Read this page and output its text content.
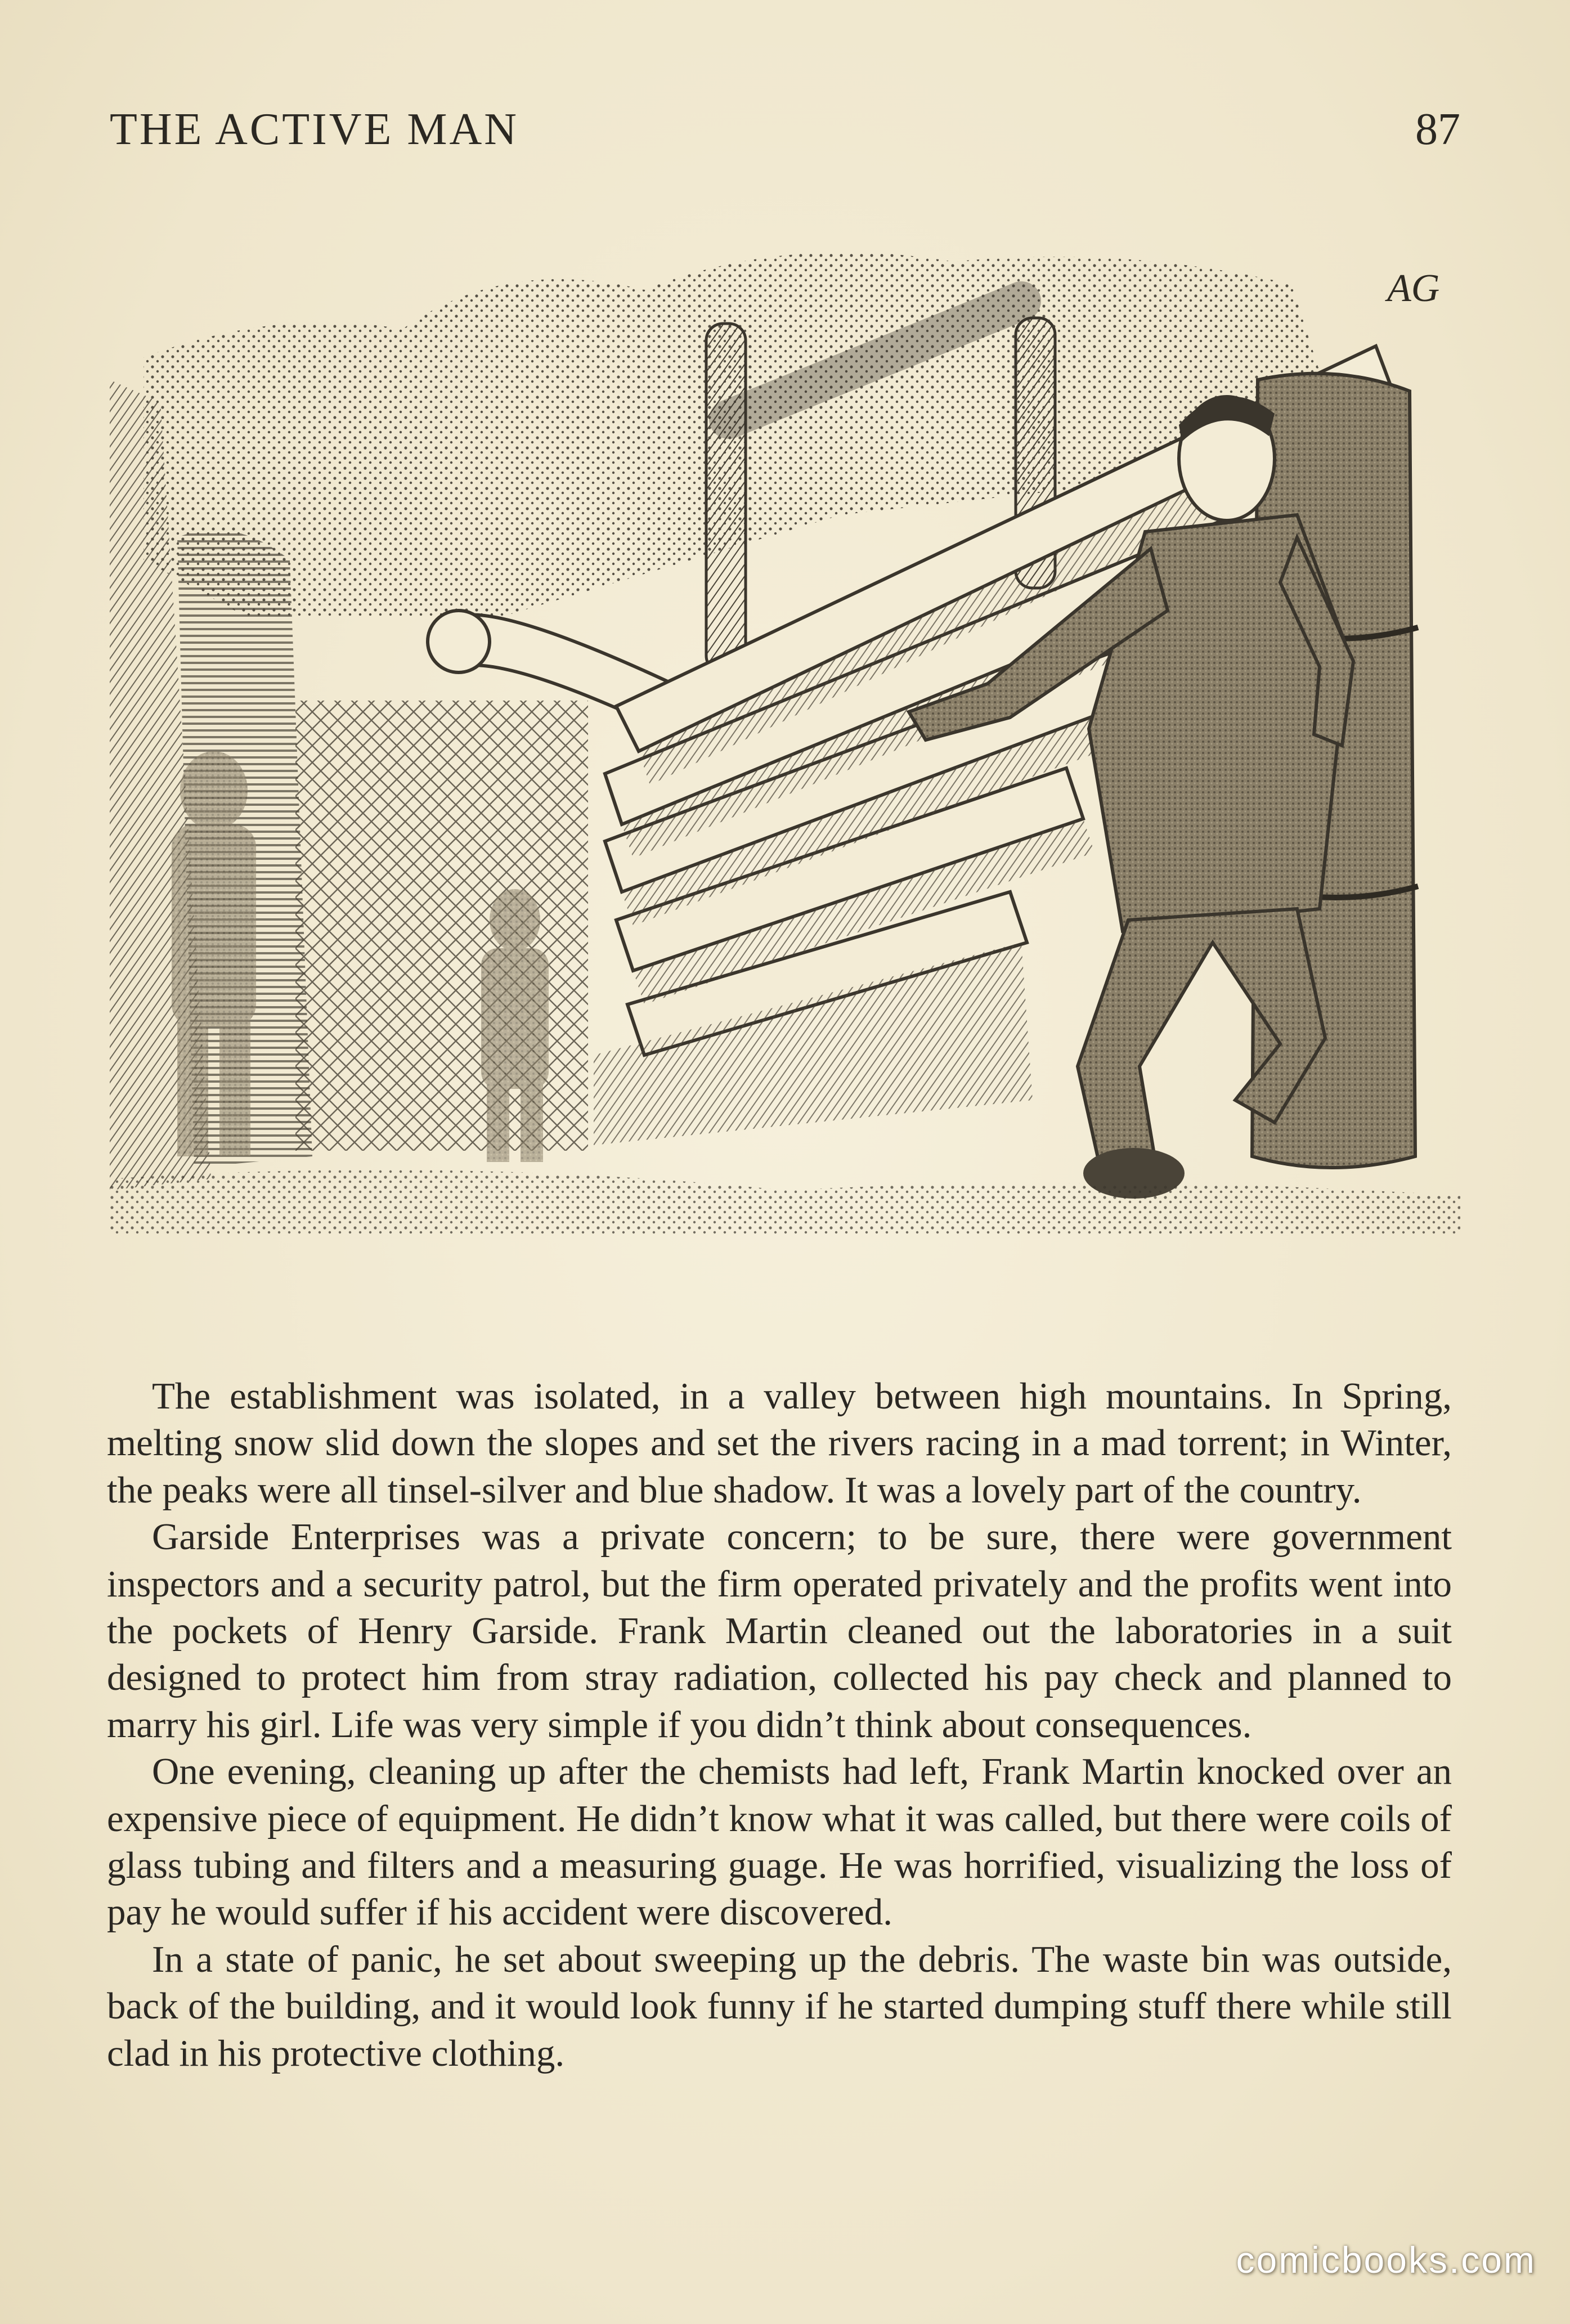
THE ACTIVE MAN	87
AG

The establishment was isolated, in a valley between high mountains. In Spring, melting snow slid down the slopes and set the rivers racing in a mad torrent; in Winter, the peaks were all tinsel-silver and blue shadow. It was a lovely part of the country.

Garside Enterprises was a private concern; to be sure, there were government inspectors and a security patrol, but the firm operated privately and the profits went into the pockets of Henry Garside. Frank Martin cleaned out the laboratories in a suit designed to protect him from stray radiation, collected his pay check and planned to marry his girl. Life was very simple if you didn’t think about consequences.

One evening, cleaning up after the chemists had left, Frank Martin knocked over an expensive piece of equipment. He didn’t know what it was called, but there were coils of glass tubing and filters and a measuring guage. He was horrified, visualizing the loss of pay he would suffer if his accident were discovered.

In a state of panic, he set about sweeping up the debris. The waste bin was outside, back of the building, and it would look funny if he started dumping stuff there while still clad in his protective clothing.

comicbooks.com
